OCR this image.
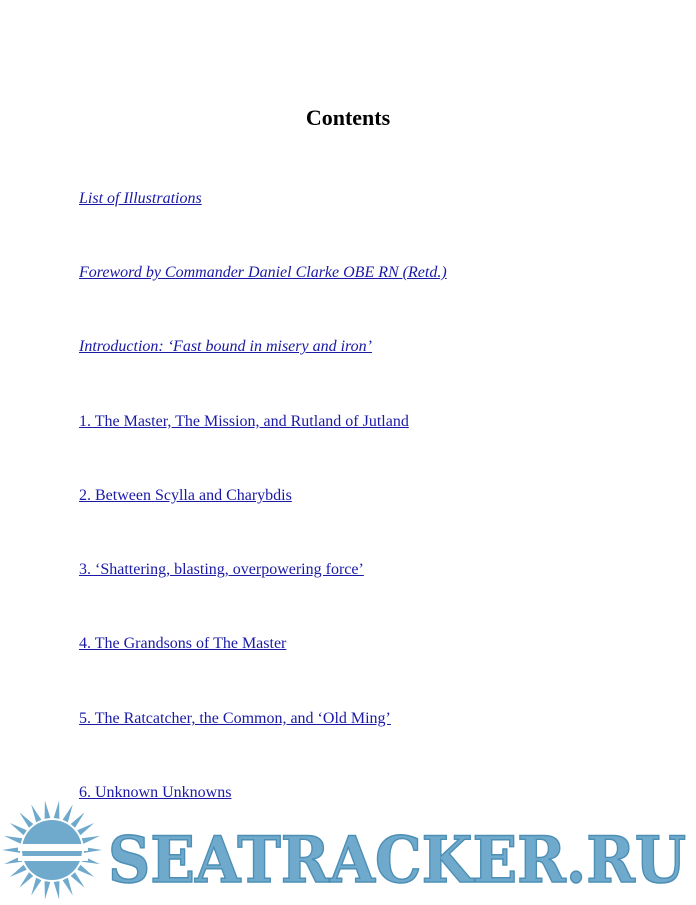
Contents
List of Illustrations
Foreword by Commander Daniel Clarke OBE RN (Retd.)
Introduction: ‘Fast bound in misery and iron’
1. The Master, The Mission, and Rutland of Jutland
2. Between Scylla and Charybdis
3. ‘Shattering, blasting, overpowering force’
4. The Grandsons of The Master
5. The Ratcatcher, the Common, and ‘Old Ming’
6. Unknown Unknowns
SEATRACKER.RU
